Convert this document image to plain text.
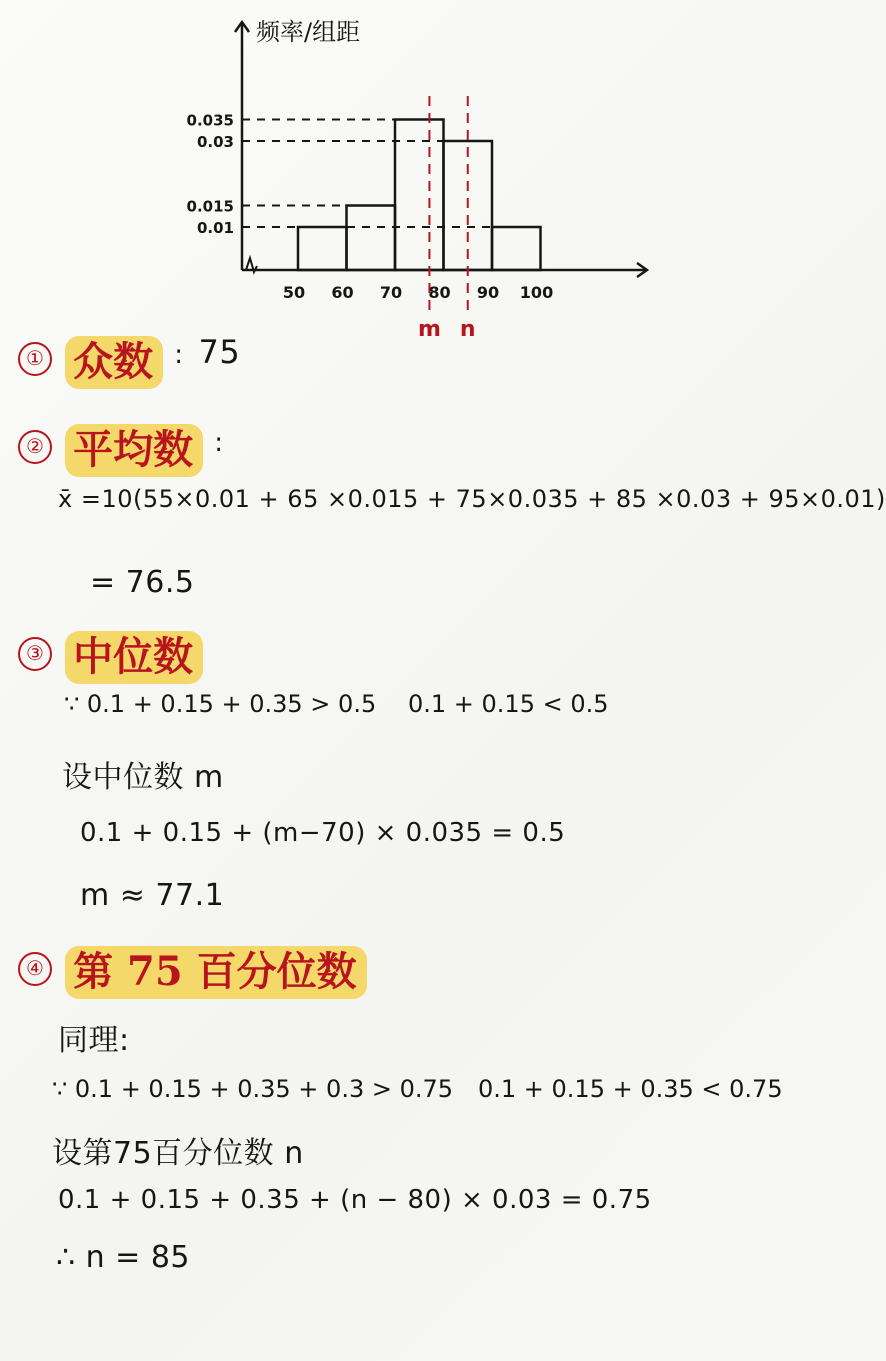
频率/组距
0.01
0.015
0.03
0.035
50 60 70 80 90 100
m n
① 众数 : 75
② 平均数 :
x̄ =10(55×0.01 + 65 ×0.015 + 75×0.035 + 85 ×0.03 + 95×0.01)
= 76.5
③ 中位数
∵ 0.1 + 0.15 + 0.35 > 0.5 0.1 + 0.15 < 0.5
设中位数 m
0.1 + 0.15 + (m−70) × 0.035 = 0.5
m ≈ 77.1
④ 第 75 百分位数
同理:
∵ 0.1 + 0.15 + 0.35 + 0.3 > 0.75 0.1 + 0.15 + 0.35 < 0.75
设第75百分位数 n
0.1 + 0.15 + 0.35 + (n − 80) × 0.03 = 0.75
∴ n = 85
